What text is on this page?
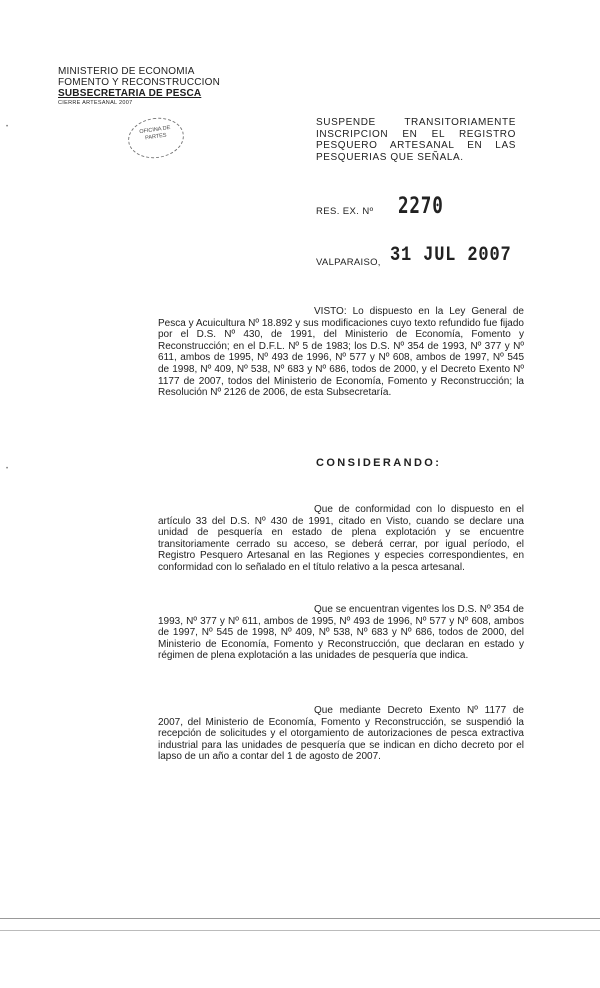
MINISTERIO DE ECONOMIA
FOMENTO Y RECONSTRUCCION
SUBSECRETARIA DE PESCA
CIERRE ARTESANAL 2007
OFICINA DE PARTES
•
•
SUSPENDE TRANSITORIAMENTE INSCRIPCION EN EL REGISTRO PESQUERO ARTESANAL EN LAS PESQUERIAS QUE SEÑALA.
RES. EX. Nº 2270
VALPARAISO, 31 JUL 2007
VISTO: Lo dispuesto en la Ley General de Pesca y Acuicultura Nº 18.892 y sus modificaciones cuyo texto refundido fue fijado por el D.S. Nº 430, de 1991, del Ministerio de Economía, Fomento y Reconstrucción; en el D.F.L. Nº 5 de 1983; los D.S. Nº 354 de 1993, Nº 377 y Nº 611, ambos de 1995, Nº 493 de 1996, Nº 577 y Nº 608, ambos de 1997, Nº 545 de 1998, Nº 409, Nº 538, Nº 683 y Nº 686, todos de 2000, y el Decreto Exento Nº 1177 de 2007, todos del Ministerio de Economía, Fomento y Reconstrucción; la Resolución Nº 2126 de 2006, de esta Subsecretaría.
CONSIDERANDO:
Que de conformidad con lo dispuesto en el artículo 33 del D.S. Nº 430 de 1991, citado en Visto, cuando se declare una unidad de pesquería en estado de plena explotación y se encuentre transitoriamente cerrado su acceso, se deberá cerrar, por igual período, el Registro Pesquero Artesanal en las Regiones y especies correspondientes, en conformidad con lo señalado en el título relativo a la pesca artesanal.
Que se encuentran vigentes los D.S. Nº 354 de 1993, Nº 377 y Nº 611, ambos de 1995, Nº 493 de 1996, Nº 577 y Nº 608, ambos de 1997, Nº 545 de 1998, Nº 409, Nº 538, Nº 683 y Nº 686, todos de 2000, del Ministerio de Economía, Fomento y Reconstrucción, que declaran en estado y régimen de plena explotación a las unidades de pesquería que indica.
Que mediante Decreto Exento Nº 1177 de 2007, del Ministerio de Economía, Fomento y Reconstrucción, se suspendió la recepción de solicitudes y el otorgamiento de autorizaciones de pesca extractiva industrial para las unidades de pesquería que se indican en dicho decreto por el lapso de un año a contar del 1 de agosto de 2007.
